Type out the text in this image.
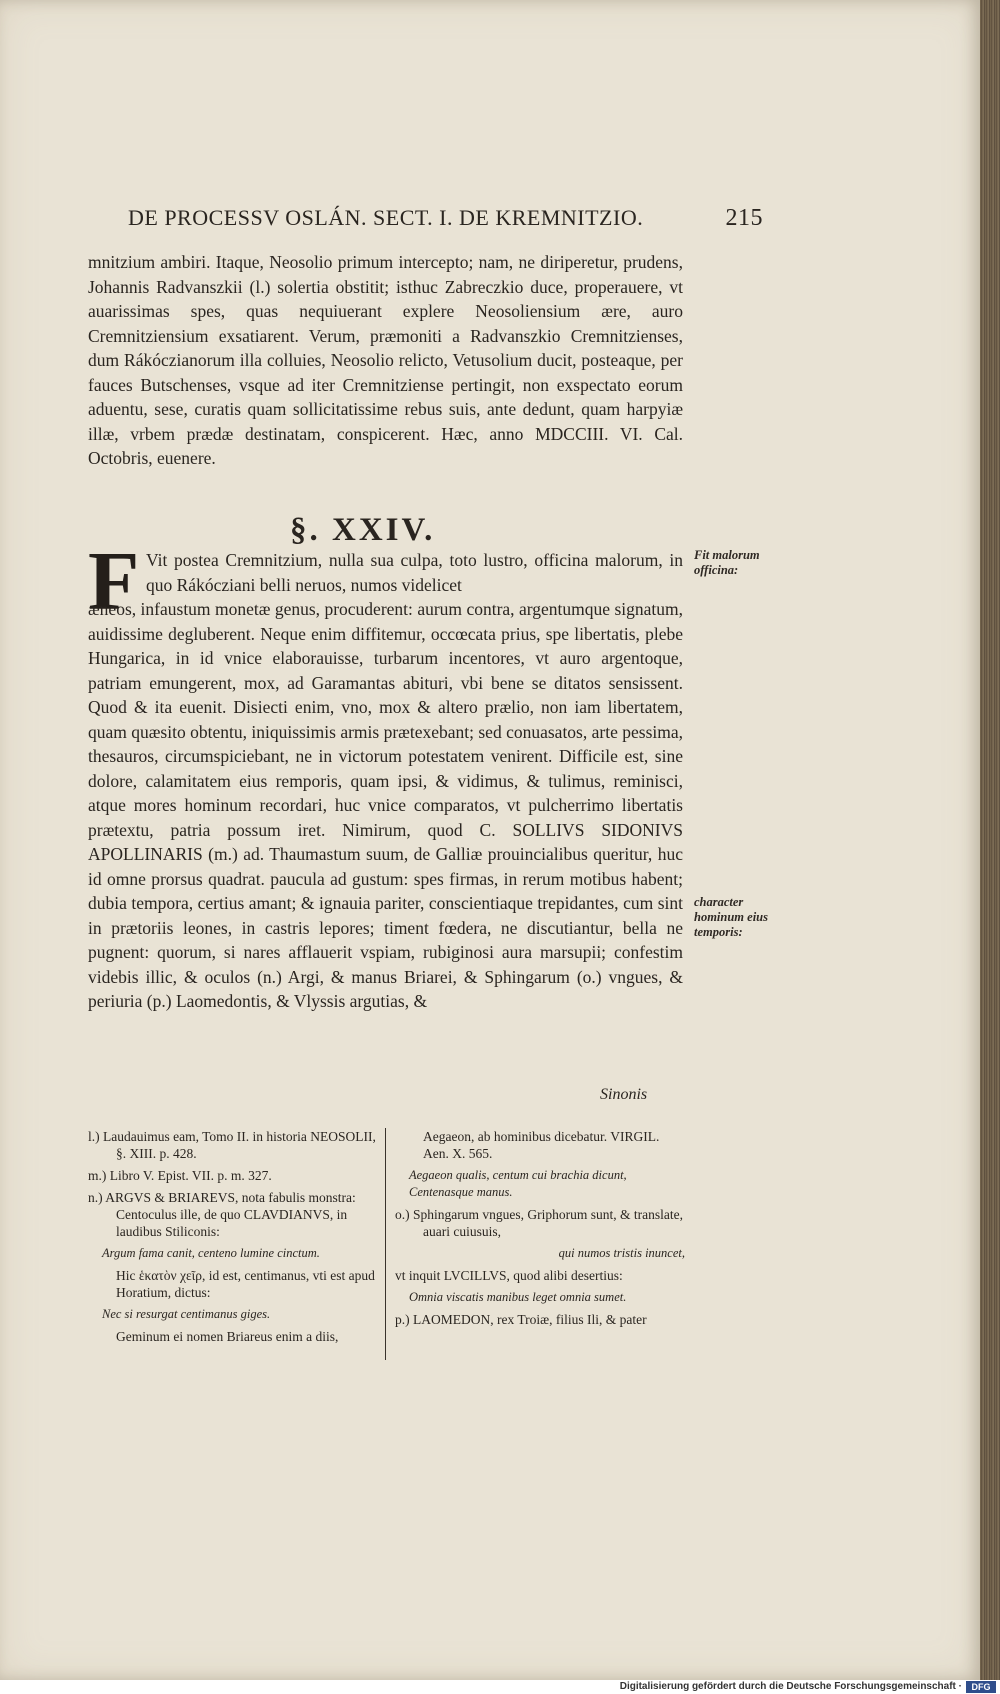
DE PROCESSV OSLÁN. SECT. I. DE KREMNITZIO.	215
mnitzium ambiri. Itaque, Neosolio primum intercepto; nam, ne diriperetur, prudens, Johannis Radvanszkii (l.) solertia obstitit; isthuc Zabreczkio duce, properauere, vt auarissimas spes, quas nequiuerant explere Neosoliensium ære, auro Cremnitziensium exsatiarent. Verum, præmoniti a Radvanszkio Cremnitzienses, dum Rákóczianorum illa colluies, Neosolio relicto, Vetusolium ducit, posteaque, per fauces Butschenses, vsque ad iter Cremnitziense pertingit, non exspectato eorum aduentu, sese, curatis quam sollicitatissime rebus suis, ante dedunt, quam harpyiæ illæ, vrbem prædæ destinatam, conspicerent. Hæc, anno MDCCIII. VI. Cal. Octobris, euenere.
§. XXIV.
F Vit postea Cremnitzium, nulla sua culpa, toto lustro, officina malorum, in quo Rákócziani belli neruos, numos videlicet
æneos, infaustum monetæ genus, procuderent: aurum contra, argentumque signatum, auidissime degluberent. Neque enim diffitemur, occœcata prius, spe libertatis, plebe Hungarica, in id vnice elaborauisse, turbarum incentores, vt auro argentoque, patriam emungerent, mox, ad Garamantas abituri, vbi bene se ditatos sensissent. Quod & ita euenit. Disiecti enim, vno, mox & altero prælio, non iam libertatem, quam quæsito obtentu, iniquissimis armis prætexebant; sed conuasatos, arte pessima, thesauros, circumspiciebant, ne in victorum potestatem venirent. Difficile est, sine dolore, calamitatem eius remporis, quam ipsi, & vidimus, & tulimus, reminisci, atque mores hominum recordari, huc vnice comparatos, vt pulcherrimo libertatis prætextu, patria possum iret. Nimirum, quod C. SOLLIVS SIDONIVS APOLLINARIS (m.) ad. Thaumastum suum, de Galliæ prouincialibus queritur, huc id omne prorsus quadrat. paucula ad gustum: spes firmas, in rerum motibus habent; dubia tempora, certius amant; & ignauia pariter, conscientiaque trepidantes, cum sint in prætoriis leones, in castris lepores; timent fœdera, ne discutiantur, bella ne pugnent: quorum, si nares afflauerit vspiam, rubiginosi aura marsupii; confestim videbis illic, & oculos (n.) Argi, & manus Briarei, & Sphingarum (o.) vngues, & periuria (p.) Laomedontis, & Vlyssis argutias, &
Fit malorum officina:
character hominum eius temporis:
Sinonis

l.) Laudauimus eam, Tomo II. in historia NEOSOLII, §. XIII. p. 428.

m.) Libro V. Epist. VII. p. m. 327.

n.) ARGVS & BRIAREVS, nota fabulis monstra: Centoculus ille, de quo CLAVDIANVS, in laudibus Stiliconis:

Argum fama canit, centeno lumine cinctum.

Hic ἑκατὸν χεῖρ, id est, centimanus, vti est apud Horatium, dictus:

Nec si resurgat centimanus giges.

Geminum ei nomen Briareus enim a diis,

Aegaeon, ab hominibus dicebatur. VIRGIL. Aen. X. 565.

Aegaeon qualis, centum cui brachia dicunt, Centenasque manus.

o.) Sphingarum vngues, Griphorum sunt, & translate, auari cuiusuis,

qui numos tristis inuncet,

vt inquit LVCILLVS, quod alibi desertius:

Omnia viscatis manibus leget omnia sumet.

p.) LAOMEDON, rex Troiæ, filius Ili, & pater

Digitalisierung gefördert durch die Deutsche Forschungsgemeinschaft ·	DFG
